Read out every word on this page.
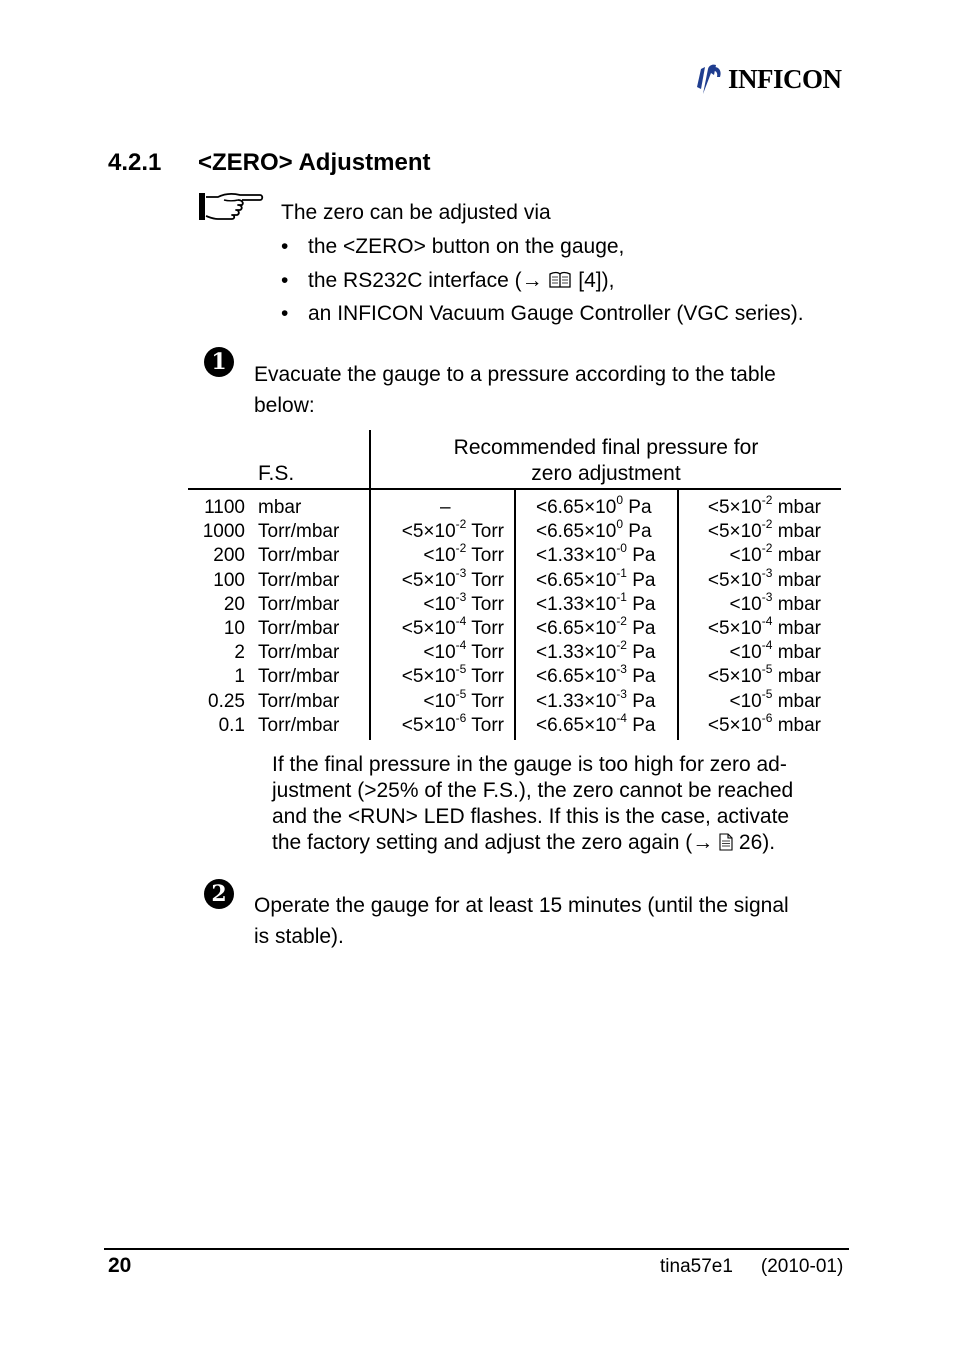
INFICON
4.2.1 <ZERO> Adjustment
The zero can be adjusted via
• the <ZERO> button on the gauge,
• the RS232C interface (→  [4]),
• an INFICON Vacuum Gauge Controller (VGC series).
1	Evacuate the gauge to a pressure according to the table
below:
F.S.
Recommended final pressure for
zero adjustment
1100 mbar	–	$<6.65\times 10^0$ Pa	$<5\times 10^{-2}$ mbar
1000 Torr/mbar	$<5\times 10^{-2}$ Torr $<6.65\times 10^0$ Pa	$<5\times 10^{-2}$ mbar
200 Torr/mbar	$<10^{-2}$ Torr $<1.33\times 10^{-0}$ Pa	$<10^{-2}$ mbar
100 Torr/mbar	$<5\times 10^{-3}$ Torr $<6.65\times 10^{-1}$ Pa	$<5\times 10^{-3}$ mbar
20 Torr/mbar	$<10^{-3}$ Torr $<1.33\times 10^{-1}$ Pa	$<10^{-3}$ mbar
10 Torr/mbar	$<5\times 10^{-4}$ Torr $<6.65\times 10^{-2}$ Pa	$<5\times 10^{-4}$ mbar
2 Torr/mbar	$<10^{-4}$ Torr $<1.33\times 10^{-2}$ Pa	$<10^{-4}$ mbar
1 Torr/mbar	$<5\times 10^{-5}$ Torr $<6.65\times 10^{-3}$ Pa	$<5\times 10^{-5}$ mbar
0.25 Torr/mbar	$<10^{-5}$ Torr $<1.33\times 10^{-3}$ Pa	$<10^{-5}$ mbar
0.1 Torr/mbar	$<5\times 10^{-6}$ Torr $<6.65\times 10^{-4}$ Pa	$<5\times 10^{-6}$ mbar
If the final pressure in the gauge is too high for zero ad-
justment (>25% of the F.S.), the zero cannot be reached
and the <RUN> LED flashes. If this is the case, activate
the factory setting and adjust the zero again (→  26).
2	Operate the gauge for at least 15 minutes (until the signal
is stable).
20	tina57e1 (2010-01)
